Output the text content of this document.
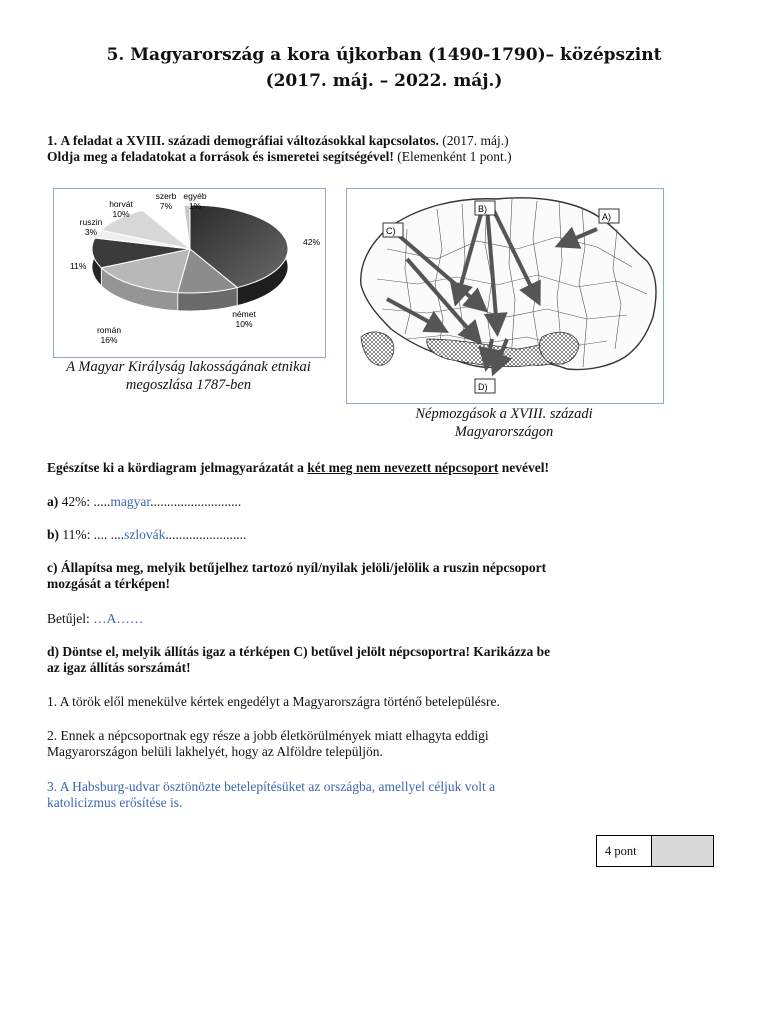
5. Magyarország a kora újkorban (1490-1790)– középszint
(2017. máj. – 2022. máj.)
1. A feladat a XVIII. századi demográfiai változásokkal kapcsolatos. (2017. máj.)
Oldja meg a feladatokat a források és ismeretei segítségével! (Elemenként 1 pont.)
42%
német
10%
román
16%
11%
ruszin
3%
horvát
10%
szerb
7%
egyéb
1%
A Magyar Királyság lakosságának etnikai
megoszlása 1787-ben
A)
B)
C)
D)
Népmozgások a XVIII. századi
Magyarországon
Egészítse ki a kördiagram jelmagyarázatát a két meg nem nevezett népcsoport nevével!
a) 42%: .....magyar...........................
b) 11%: .... ....szlovák........................
c) Állapítsa meg, melyik betűjelhez tartozó nyíl/nyilak jelöli/jelölik a ruszin népcsoport
mozgását a térképen!
Betűjel: …A……
d) Döntse el, melyik állítás igaz a térképen C) betűvel jelölt népcsoportra! Karikázza be
az igaz állítás sorszámát!
1. A török elől menekülve kértek engedélyt a Magyarországra történő betelepülésre.
2. Ennek a népcsoportnak egy része a jobb életkörülmények miatt elhagyta eddigi
Magyarországon belüli lakhelyét, hogy az Alföldre települjön.
3. A Habsburg-udvar ösztönözte betelepítésüket az országba, amellyel céljuk volt a
katolicizmus erősítése is.
4 pont
